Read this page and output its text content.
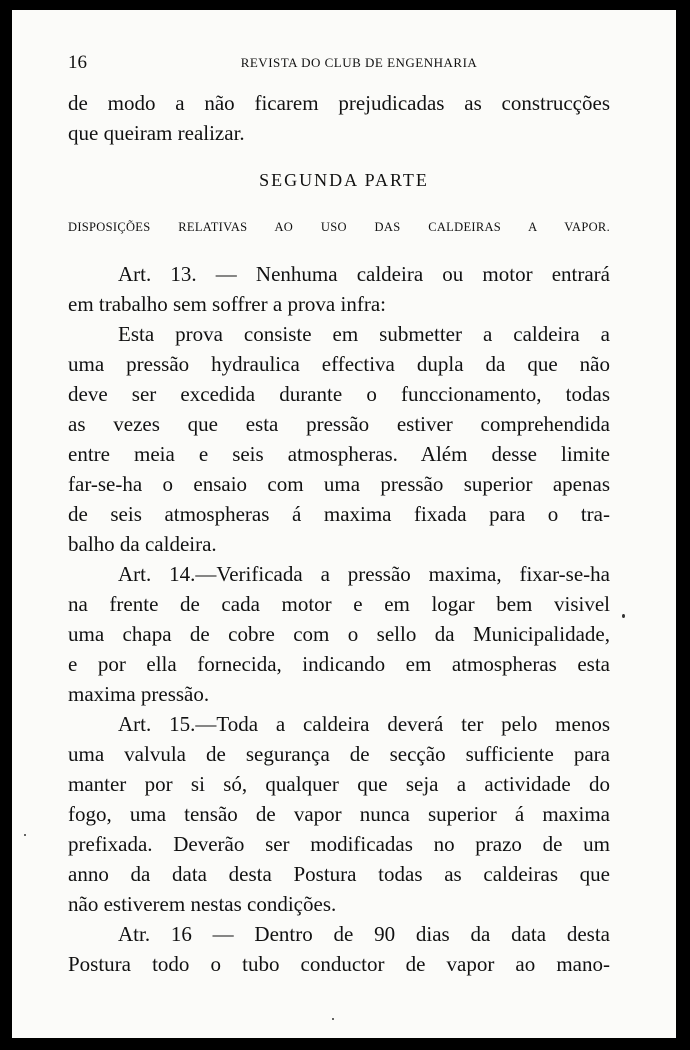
16	REVISTA DO CLUB DE ENGENHARIA
de modo a não ficarem prejudicadas as construcções
que queiram realizar.
SEGUNDA PARTE
DISPOSIÇÕES RELATIVAS AO USO DAS CALDEIRAS A VAPOR.
Art. 13. — Nenhuma caldeira ou motor entrará
em trabalho sem soffrer a prova infra:
Esta prova consiste em submetter a caldeira a
uma pressão hydraulica effectiva dupla da que não
deve ser excedida durante o funccionamento, todas
as vezes que esta pressão estiver comprehendida
entre meia e seis atmospheras. Além desse limite
far-se-ha o ensaio com uma pressão superior apenas
de seis atmospheras á maxima fixada para o tra-
balho da caldeira.
Art. 14.—Verificada a pressão maxima, fixar-se-ha
na frente de cada motor e em logar bem visivel
uma chapa de cobre com o sello da Municipalidade,
e por ella fornecida, indicando em atmospheras esta
maxima pressão.
Art. 15.—Toda a caldeira deverá ter pelo menos
uma valvula de segurança de secção sufficiente para
manter por si só, qualquer que seja a actividade do
fogo, uma tensão de vapor nunca superior á maxima
prefixada. Deverão ser modificadas no prazo de um
anno da data desta Postura todas as caldeiras que
não estiverem nestas condições.
Atr. 16 — Dentro de 90 dias da data desta
Postura todo o tubo conductor de vapor ao mano-
